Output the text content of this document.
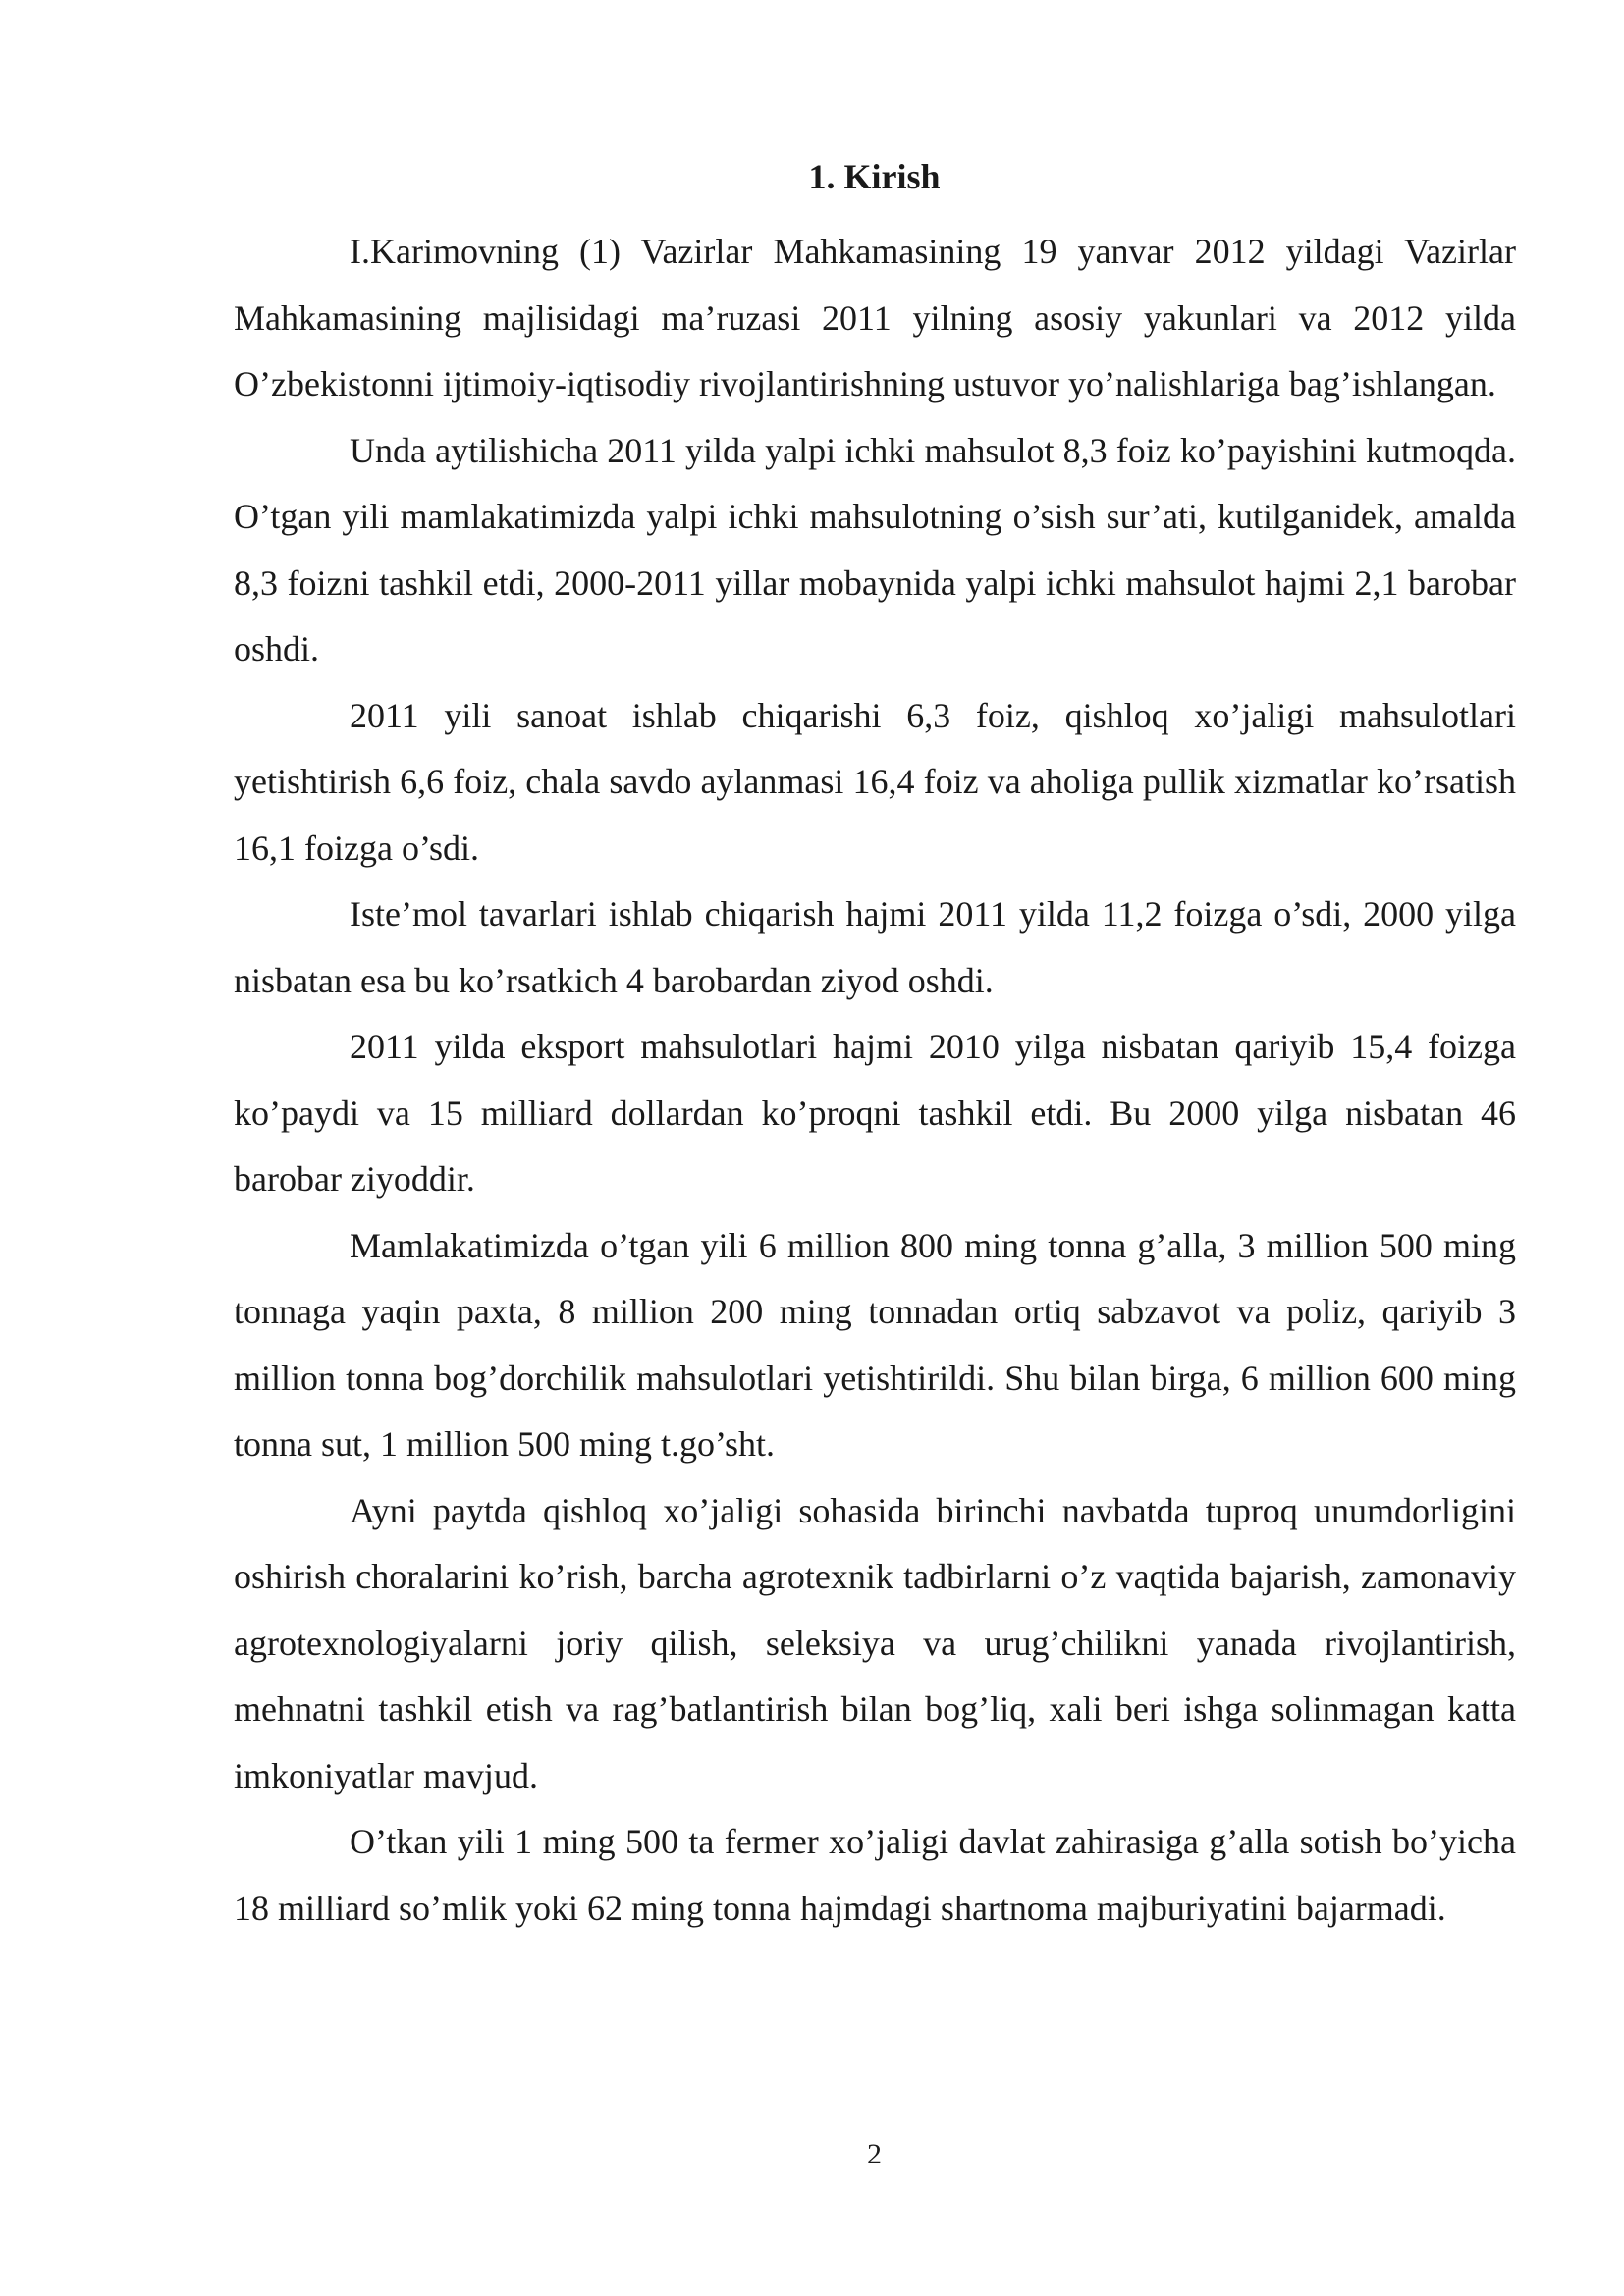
1. Kirish

I.Karimovning (1) Vazirlar Mahkamasining 19 yanvar 2012 yildagi Vazirlar Mahkamasining majlisidagi ma’ruzasi 2011 yilning asosiy yakunlari va 2012 yilda O’zbekistonni ijtimoiy-iqtisodiy rivojlantirishning ustuvor yo’nalishlariga bag’ishlangan.

Unda aytilishicha 2011 yilda yalpi ichki mahsulot 8,3 foiz ko’payishini kutmoqda. O’tgan yili mamlakatimizda yalpi ichki mahsulotning o’sish sur’ati, kutilganidek, amalda 8,3 foizni tashkil etdi, 2000-2011 yillar mobaynida yalpi ichki mahsulot hajmi 2,1 barobar oshdi.

2011 yili sanoat ishlab chiqarishi 6,3 foiz, qishloq xo’jaligi mahsulotlari yetishtirish 6,6 foiz, chala savdo aylanmasi 16,4 foiz va aholiga pullik xizmatlar ko’rsatish 16,1 foizga o’sdi.

Iste’mol tavarlari ishlab chiqarish hajmi 2011 yilda 11,2 foizga o’sdi, 2000 yilga nisbatan esa bu ko’rsatkich 4 barobardan ziyod oshdi.

2011 yilda eksport mahsulotlari hajmi 2010 yilga nisbatan qariyib 15,4 foizga ko’paydi va 15 milliard dollardan ko’proqni tashkil etdi. Bu 2000 yilga nisbatan 46 barobar ziyoddir.

Mamlakatimizda o’tgan yili 6 million 800 ming tonna g’alla, 3 million 500 ming tonnaga yaqin paxta, 8 million 200 ming tonnadan ortiq sabzavot va poliz, qariyib 3 million tonna bog’dorchilik mahsulotlari yetishtirildi. Shu bilan birga, 6 million 600 ming tonna sut, 1 million 500 ming t.go’sht.

Ayni paytda qishloq xo’jaligi sohasida birinchi navbatda tuproq unumdorligini oshirish choralarini ko’rish, barcha agrotexnik tadbirlarni o’z vaqtida bajarish, zamonaviy agrotexnologiyalarni joriy qilish, seleksiya va urug’chilikni yanada rivojlantirish, mehnatni tashkil etish va rag’batlantirish bilan bog’liq, xali beri ishga solinmagan katta imkoniyatlar mavjud.

O’tkan yili 1 ming 500 ta fermer xo’jaligi davlat zahirasiga g’alla sotish bo’yicha 18 milliard so’mlik yoki 62 ming tonna hajmdagi shartnoma majburiyatini bajarmadi.

2
